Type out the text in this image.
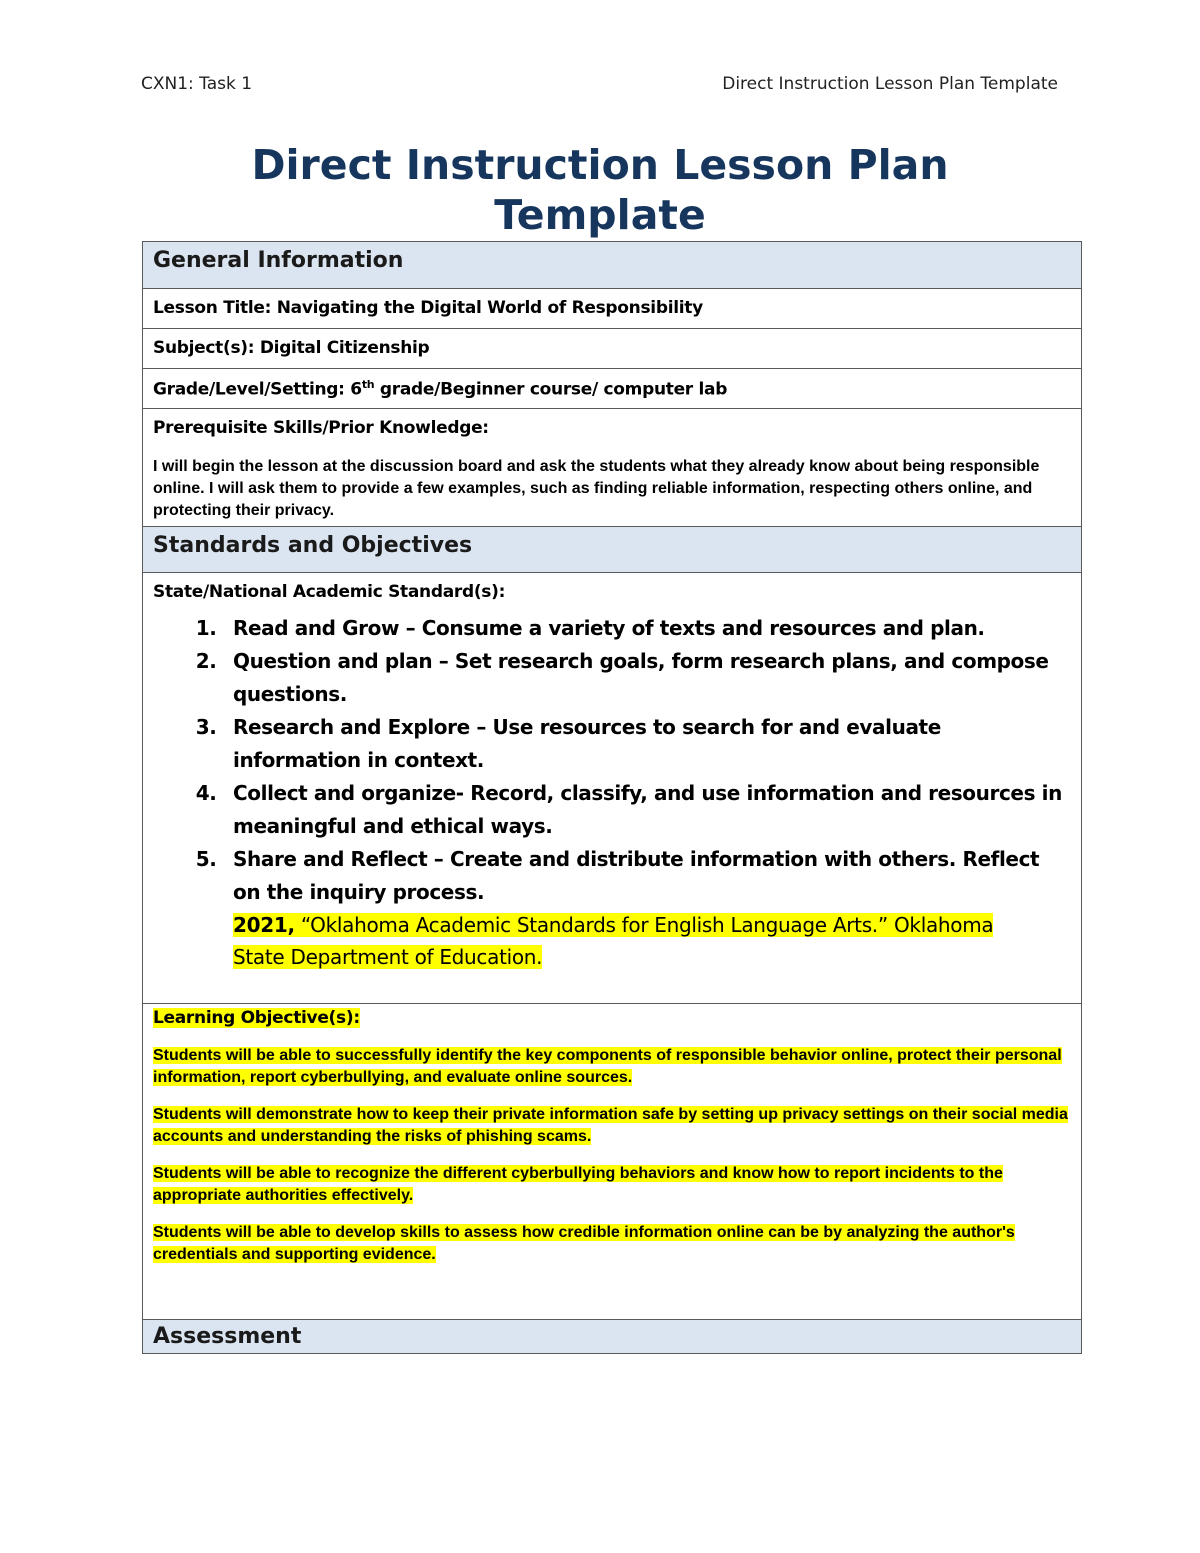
CXN1: Task 1	Direct Instruction Lesson Plan Template
Direct Instruction Lesson Plan Template
General Information

Lesson Title: Navigating the Digital World of Responsibility

Subject(s): Digital Citizenship

Grade/Level/Setting: 6th grade/Beginner course/ computer lab

Prerequisite Skills/Prior Knowledge:

I will begin the lesson at the discussion board and ask the students what they already know about being responsible online. I will ask them to provide a few examples, such as finding reliable information, respecting others online, and protecting their privacy.

Standards and Objectives

State/National Academic Standard(s):
1. Read and Grow – Consume a variety of texts and resources and plan.
2. Question and plan – Set research goals, form research plans, and compose questions.
3. Research and Explore – Use resources to search for and evaluate information in context.
4. Collect and organize- Record, classify, and use information and resources in meaningful and ethical ways.
5. Share and Reflect – Create and distribute information with others. Reflect on the inquiry process.
2021, “Oklahoma Academic Standards for English Language Arts.” Oklahoma State Department of Education.

Learning Objective(s):

Students will be able to successfully identify the key components of responsible behavior online, protect their personal information, report cyberbullying, and evaluate online sources.

Students will demonstrate how to keep their private information safe by setting up privacy settings on their social media accounts and understanding the risks of phishing scams.

Students will be able to recognize the different cyberbullying behaviors and know how to report incidents to the appropriate authorities effectively.

Students will be able to develop skills to assess how credible information online can be by analyzing the author's credentials and supporting evidence.

Assessment
